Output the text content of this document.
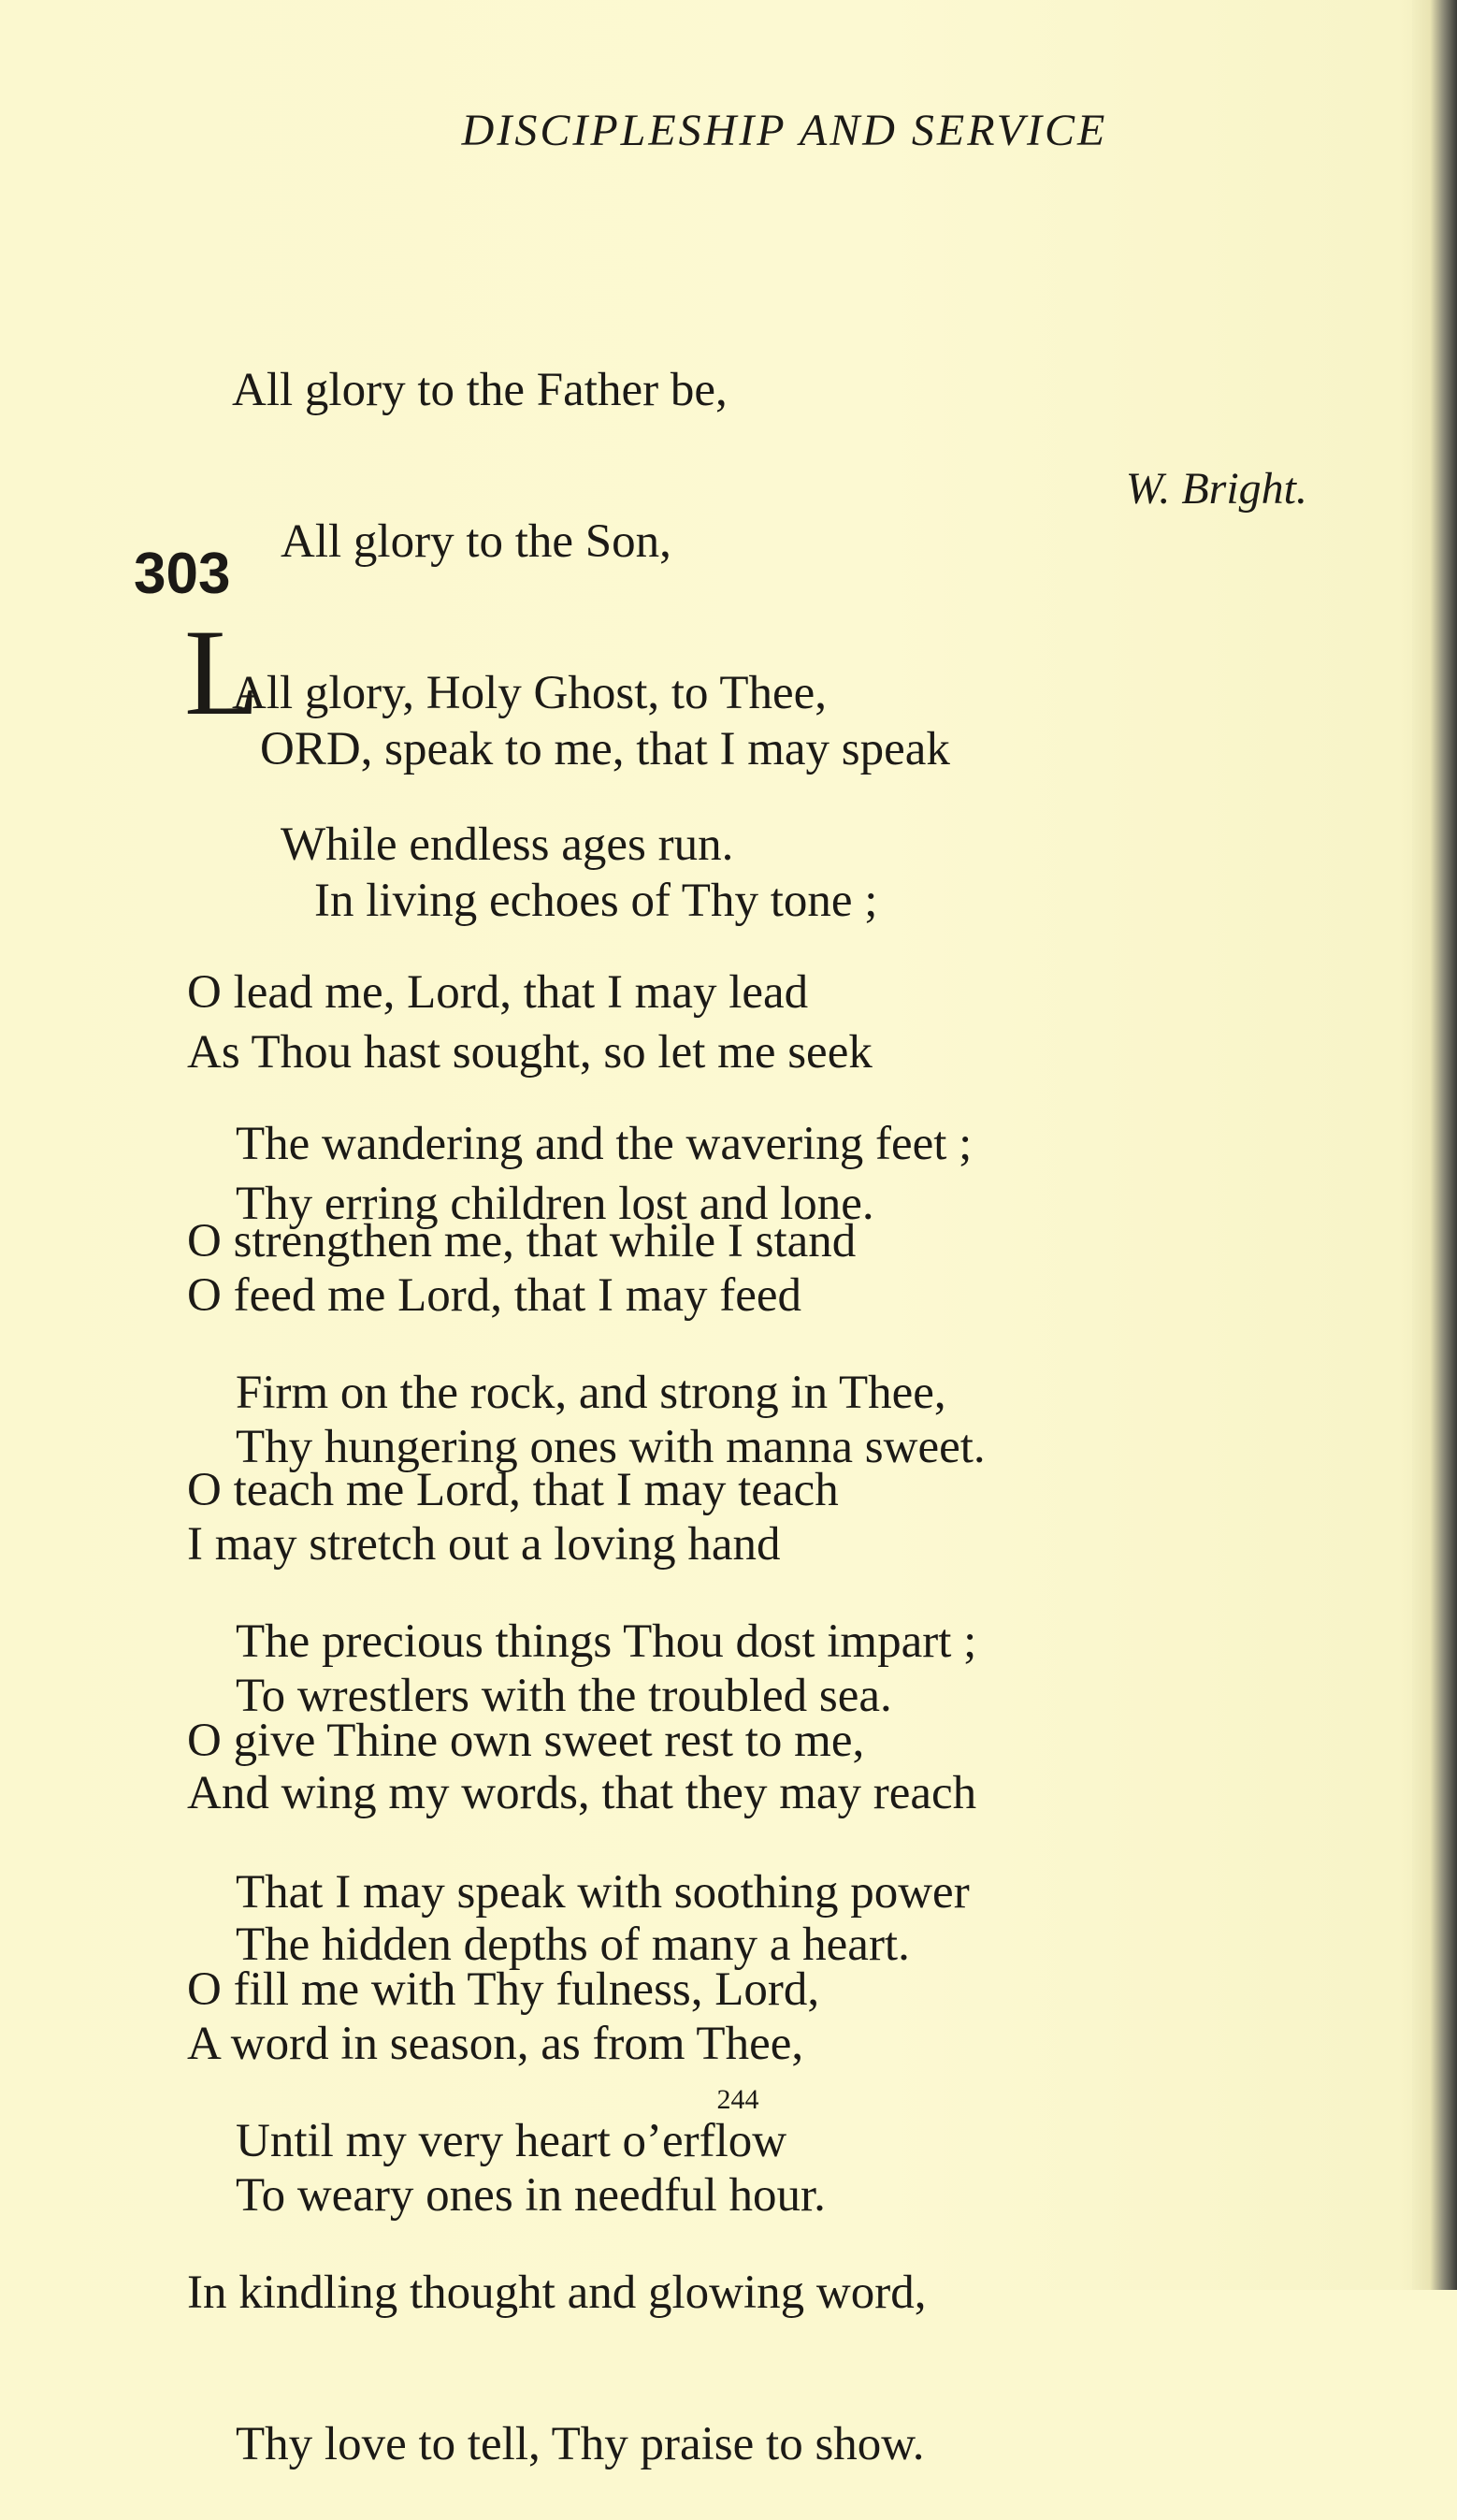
DISCIPLESHIP AND SERVICE

All glory to the Father be,

All glory to the Son,

All glory, Holy Ghost, to Thee,

While endless ages run.

W. Bright.
303
L

ORD, speak to me, that I may speak

In living echoes of Thy tone ;

As Thou hast sought, so let me seek

Thy erring children lost and lone.

O lead me, Lord, that I may lead

The wandering and the wavering feet ;

O feed me Lord, that I may feed

Thy hungering ones with manna sweet.

O strengthen me, that while I stand

Firm on the rock, and strong in Thee,

I may stretch out a loving hand

To wrestlers with the troubled sea.

O teach me Lord, that I may teach

The precious things Thou dost impart ;

And wing my words, that they may reach

The hidden depths of many a heart.

O give Thine own sweet rest to me,

That I may speak with soothing power

A word in season, as from Thee,

To weary ones in needful hour.

O fill me with Thy fulness, Lord,

Until my very heart o’erflow

In kindling thought and glowing word,

Thy love to tell, Thy praise to show.

244
